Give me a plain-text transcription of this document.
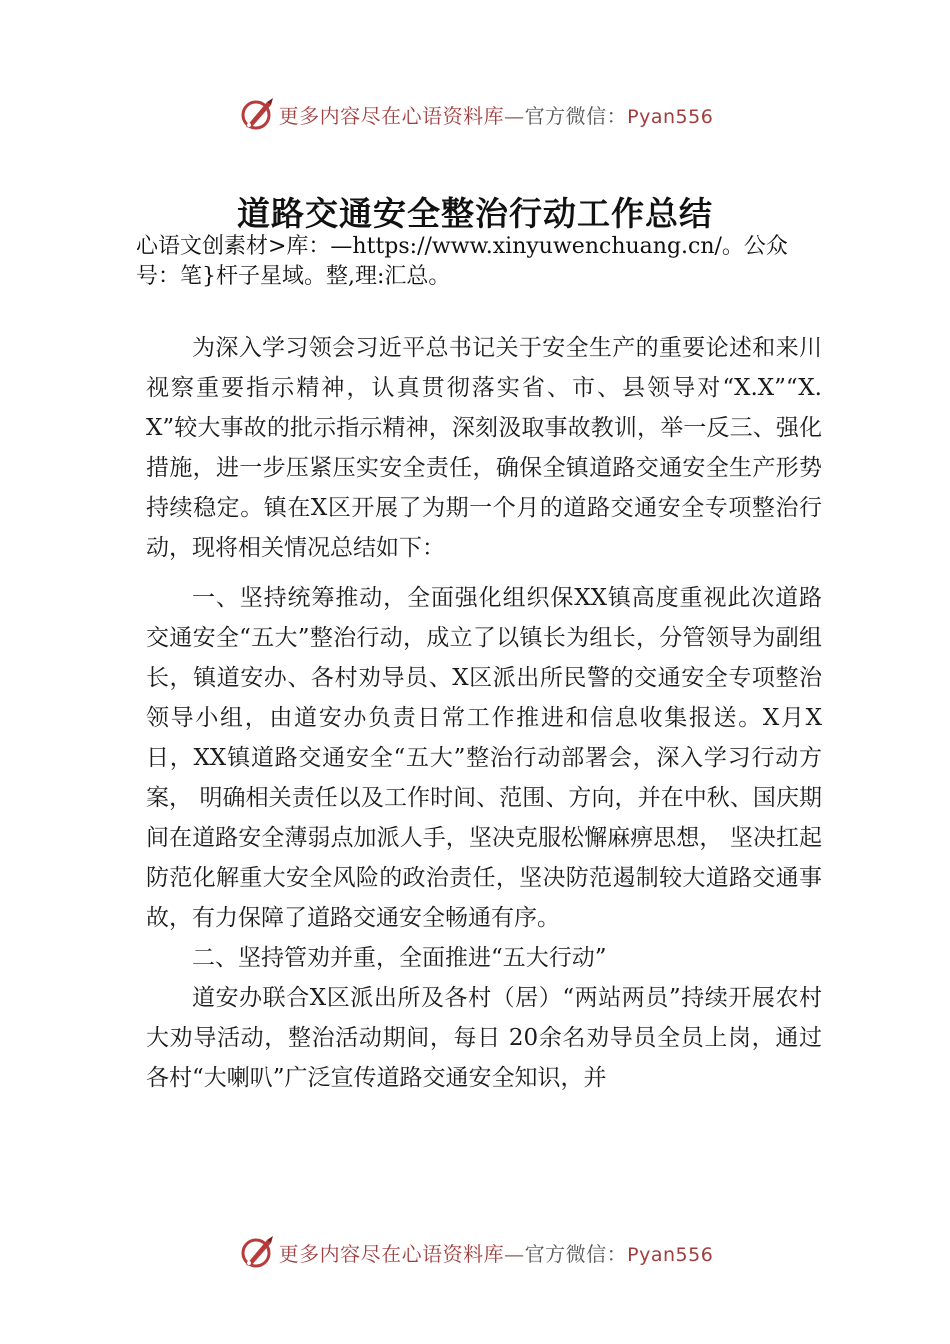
更多内容尽在心语资料库—官方微信：Pyan556
道路交通安全整治行动工作总结

心语文创素材>库：—https://www.xinyuwenchuang.cn/。公众号：笔}杆子星域。整,理:汇总。

为深入学习领会习近平总书记关于安全生产的重要论述和来川视察重要指示精神，认真贯彻落实省、市、县领导对“X.X”“X.X”较大事故的批示指示精神，深刻汲取事故教训，举一反三、强化措施，进一步压紧压实安全责任，确保全镇道路交通安全生产形势持续稳定。镇在X区开展了为期一个月的道路交通安全专项整治行动，现将相关情况总结如下：

一、坚持统筹推动，全面强化组织保XX镇高度重视此次道路交通安全“五大”整治行动，成立了以镇长为组长，分管领导为副组长，镇道安办、各村劝导员、X区派出所民警的交通安全专项整治领导小组，由道安办负责日常工作推进和信息收集报送。X月X日，XX镇道路交通安全“五大”整治行动部署会，深入学习行动方案， 明确相关责任以及工作时间、范围、方向，并在中秋、国庆期间在道路安全薄弱点加派人手，坚决克服松懈麻痹思想， 坚决扛起防范化解重大安全风险的政治责任，坚决防范遏制较大道路交通事故，有力保障了道路交通安全畅通有序。

二、坚持管劝并重，全面推进“五大行动”

道安办联合X区派出所及各村（居）“两站两员”持续开展农村大劝导活动，整治活动期间，每日 20余名劝导员全员上岗，通过各村“大喇叭”广泛宣传道路交通安全知识，并

更多内容尽在心语资料库—官方微信：Pyan556
